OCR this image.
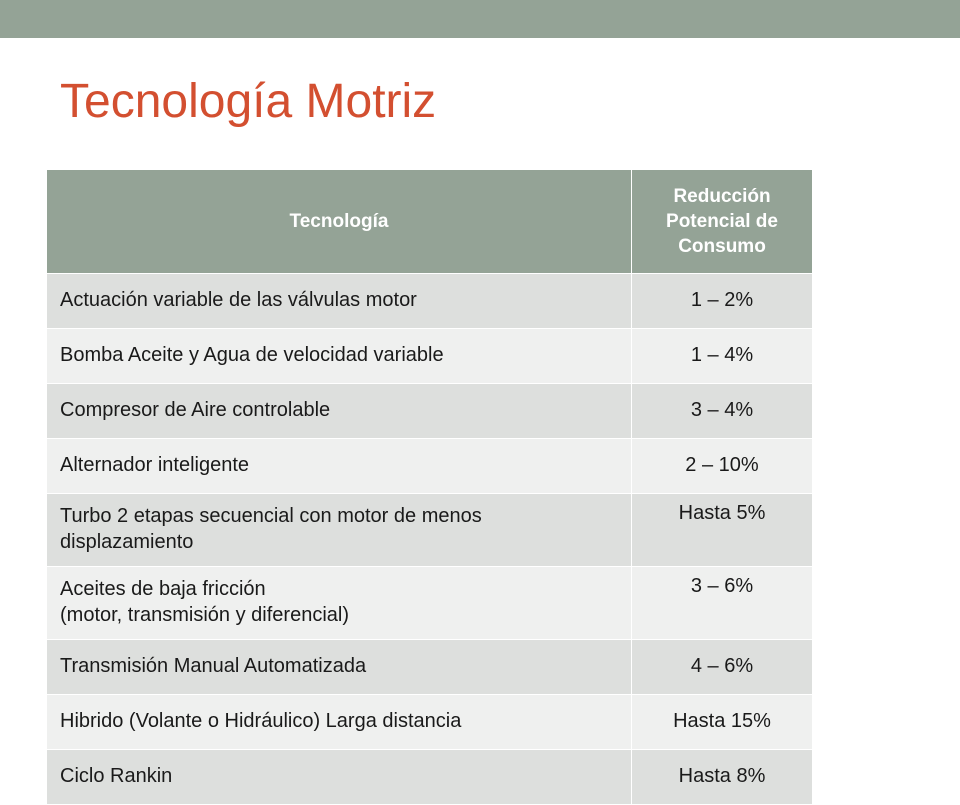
Tecnología Motriz
Tecnología	Reducción Potencial de Consumo
Actuación variable de las válvulas motor	1 – 2%
Bomba Aceite y Agua de velocidad variable	1 – 4%
Compresor de Aire controlable	3 – 4%
Alternador inteligente	2 – 10%
Turbo 2 etapas secuencial con motor de menos displazamiento	Hasta 5%
Aceites de baja fricción
(motor, transmisión y diferencial)	3 – 6%
Transmisión Manual Automatizada	4 – 6%
Hibrido (Volante o Hidráulico) Larga distancia	Hasta 15%
Ciclo Rankin	Hasta 8%
